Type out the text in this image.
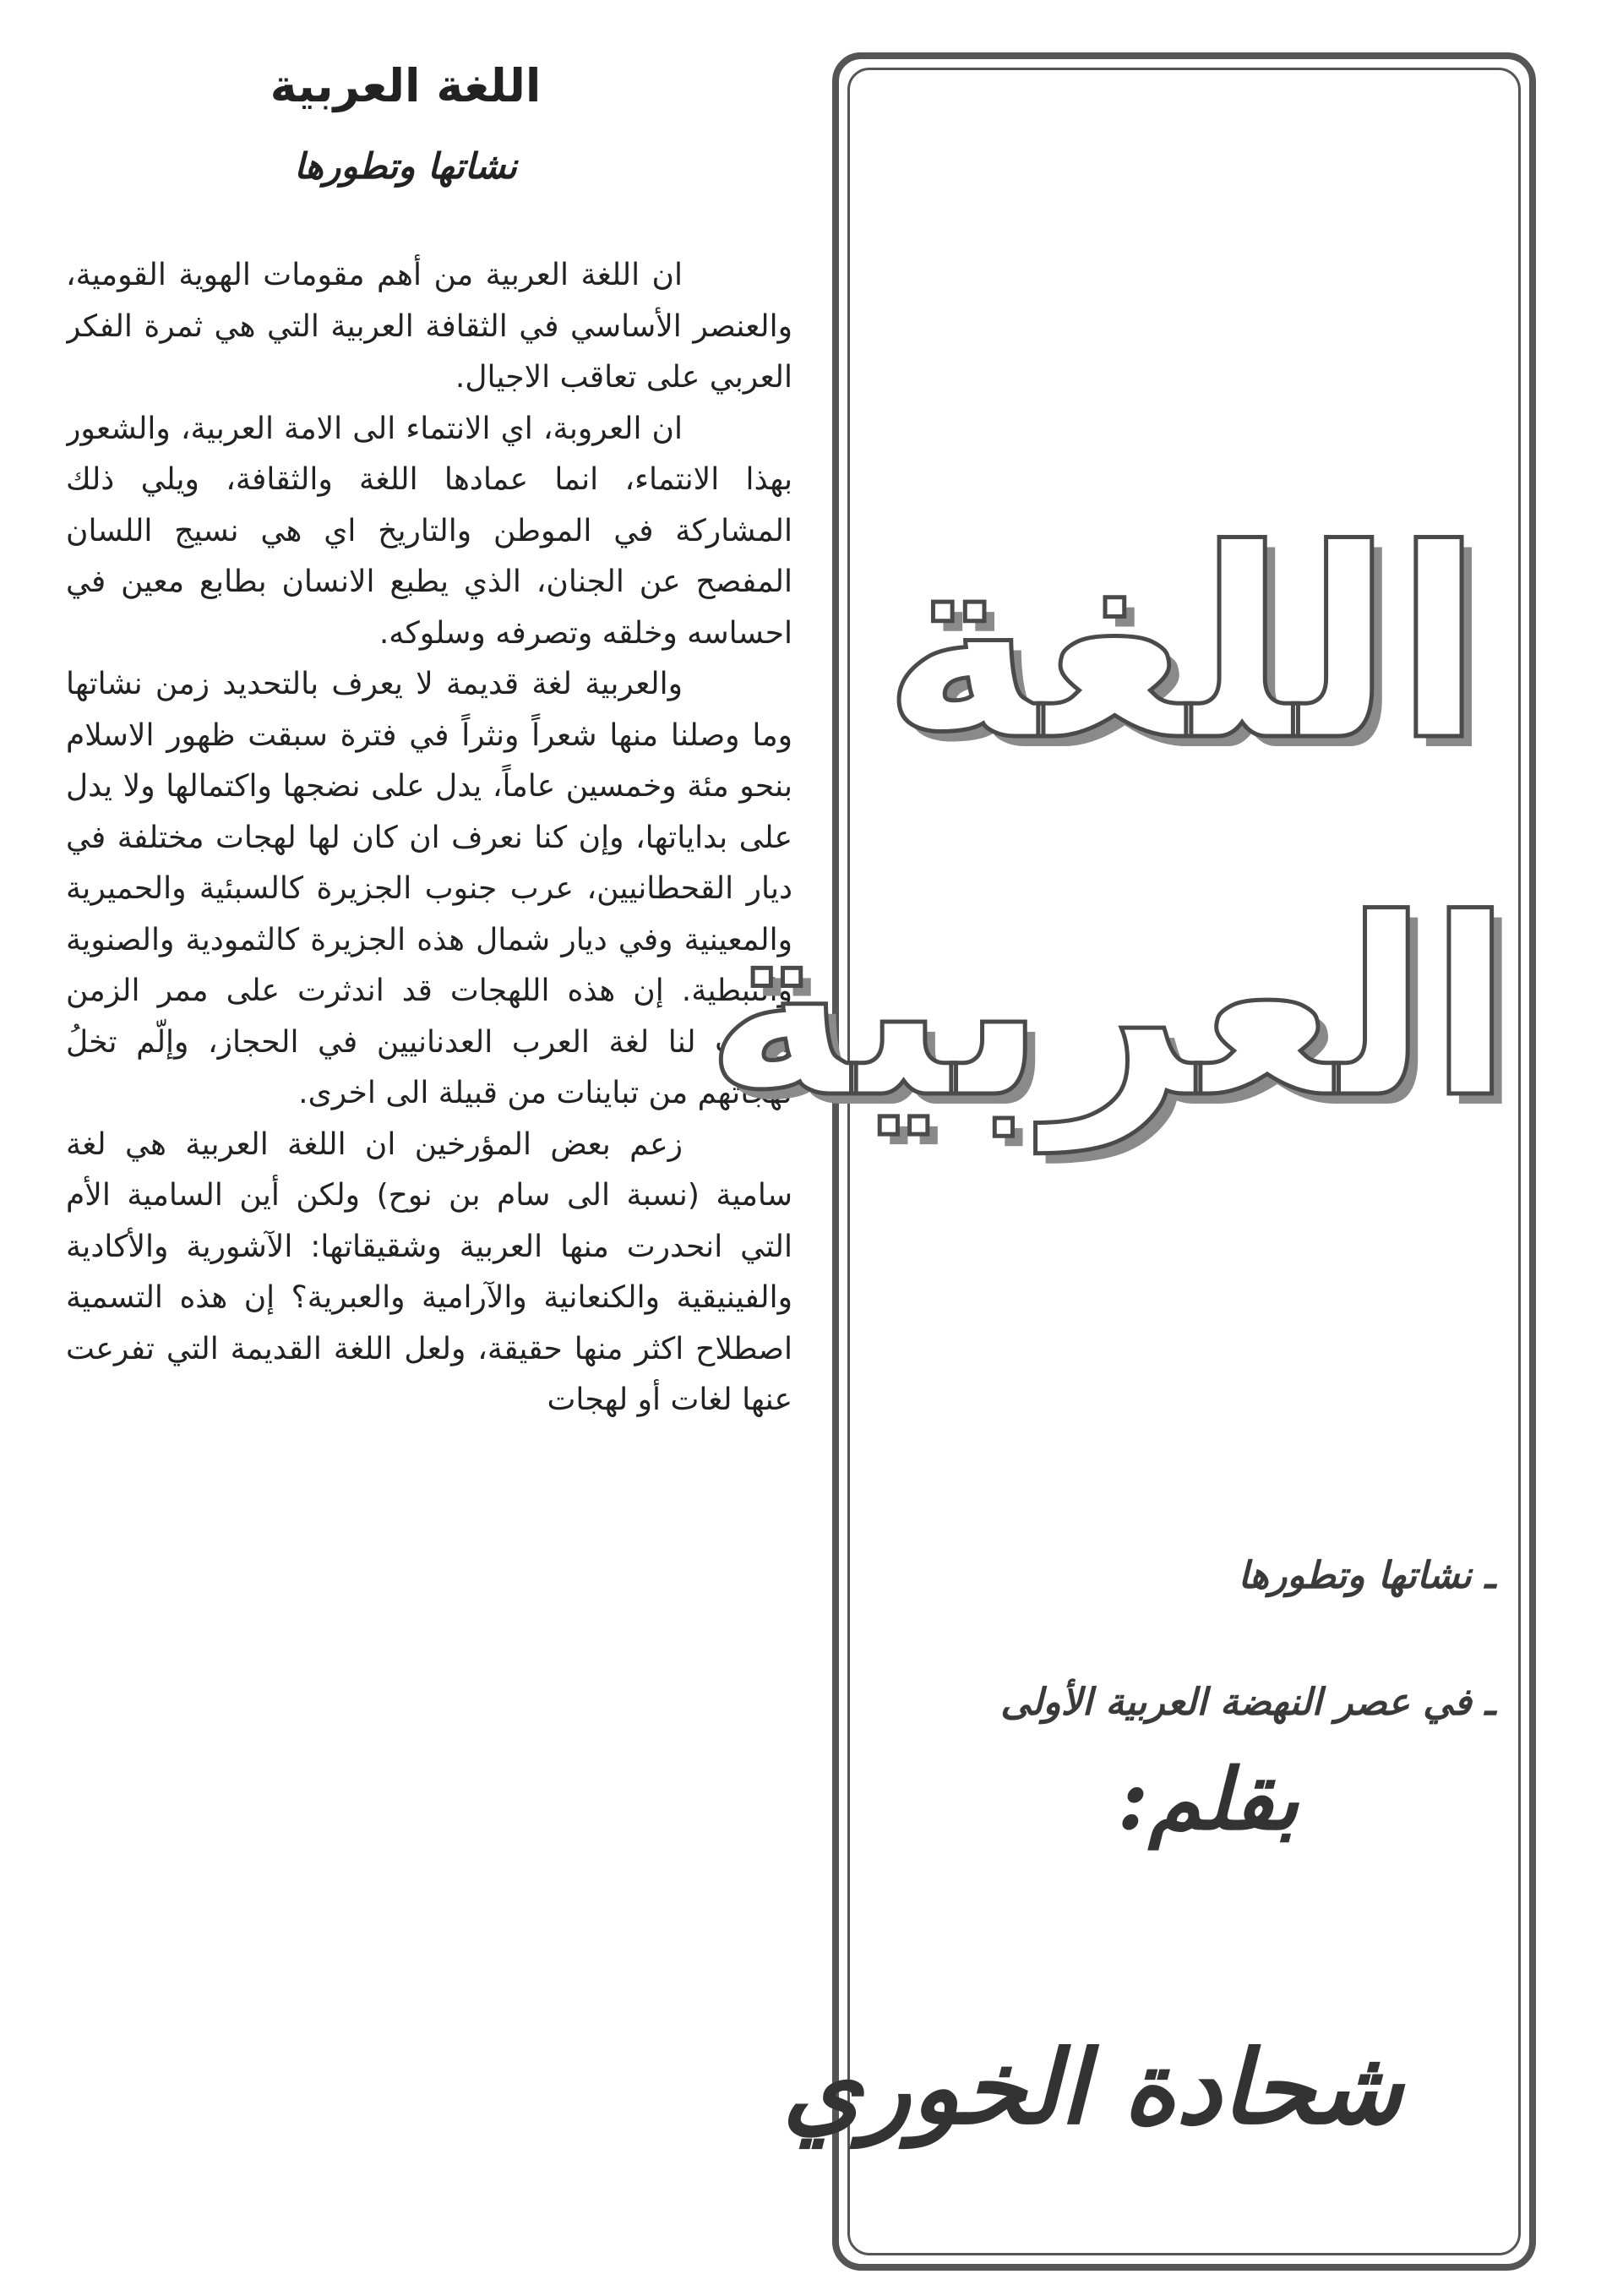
اللغة العربية
نشاتها وتطورها

ان اللغة العربية من أهم مقومات الهوية القومية، والعنصر الأساسي في الثقافة العربية التي هي ثمرة الفكر العربي على تعاقب الاجيال.

ان العروبة، اي الانتماء الى الامة العربية، والشعور بهذا الانتماء، انما عمادها اللغة والثقافة، ويلي ذلك المشاركة في الموطن والتاريخ اي هي نسيج اللسان المفصح عن الجنان، الذي يطبع الانسان بطابع معين في احساسه وخلقه وتصرفه وسلوكه.

والعربية لغة قديمة لا يعرف بالتحديد زمن نشاتها وما وصلنا منها شعراً ونثراً في فترة سبقت ظهور الاسلام بنحو مئة وخمسين عاماً، يدل على نضجها واكتمالها ولا يدل على بداياتها، وإن كنا نعرف ان كان لها لهجات مختلفة في ديار القحطانيين، عرب جنوب الجزيرة كالسبئية والحميرية والمعينية وفي ديار شمال هذه الجزيرة كالثمودية والصنوية والنبطية. إن هذه اللهجات قد اندثرت على ممر الزمن وبقيت لنا لغة العرب العدنانيين في الحجاز، وإلّم تخلُ لهجاتهم من تباينات من قبيلة الى اخرى.

زعم بعض المؤرخين ان اللغة العربية هي لغة سامية (نسبة الى سام بن نوح) ولكن أين السامية الأم التي انحدرت منها العربية وشقيقاتها: الآشورية والأكادية والفينيقية والكنعانية والآرامية والعبرية؟ إن هذه التسمية اصطلاح اكثر منها حقيقة، ولعل اللغة القديمة التي تفرعت عنها لغات أو لهجات

اللغة
العربية
ـ نشاتها وتطورها
ـ في عصر النهضة العربية الأولى
بقلم:
شحادة الخوري
